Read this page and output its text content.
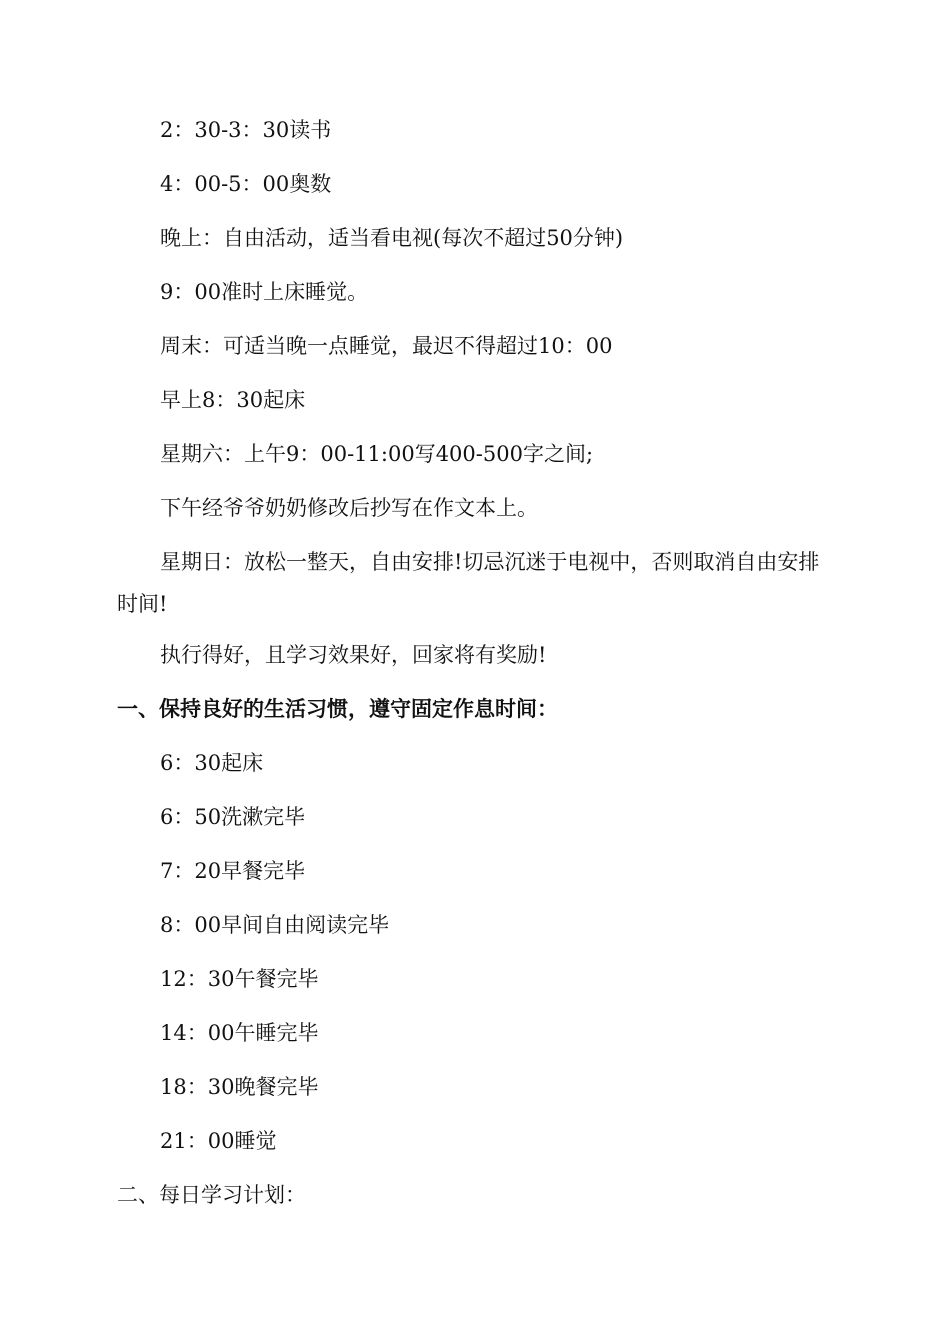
2：30-3：30读书
4：00-5：00奥数
晚上：自由活动，适当看电视(每次不超过50分钟)
9：00准时上床睡觉。
周末：可适当晚一点睡觉，最迟不得超过10：00
早上8：30起床
星期六：上午9：00-11:00写400-500字之间;
下午经爷爷奶奶修改后抄写在作文本上。
星期日：放松一整天，自由安排!切忌沉迷于电视中，否则取消自由安排时间!
执行得好，且学习效果好，回家将有奖励!
一、保持良好的生活习惯，遵守固定作息时间：
6：30起床
6：50洗漱完毕
7：20早餐完毕
8：00早间自由阅读完毕
12：30午餐完毕
14：00午睡完毕
18：30晚餐完毕
21：00睡觉
二、每日学习计划：
